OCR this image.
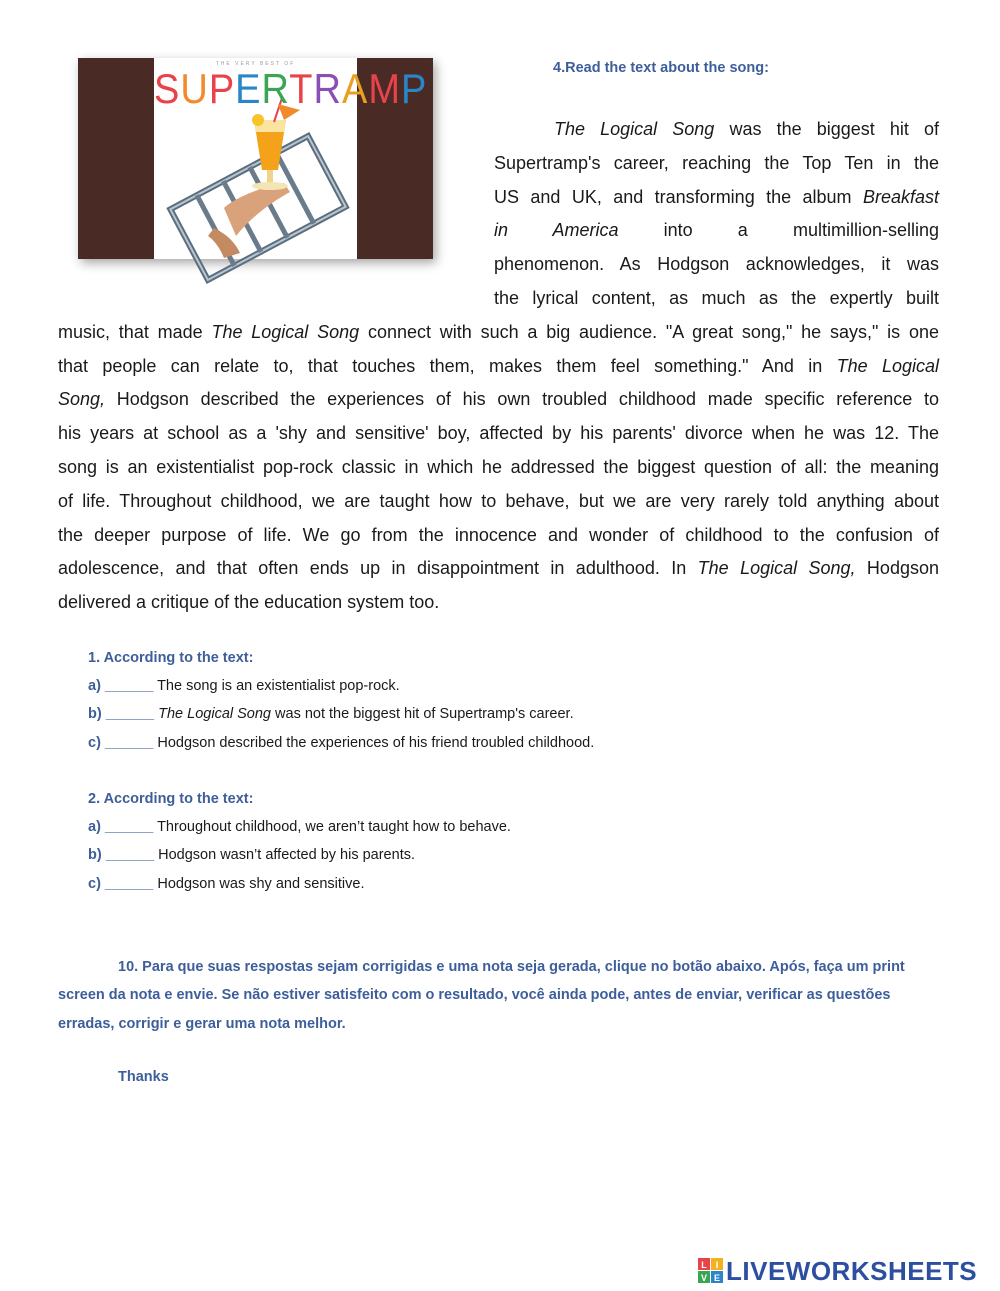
THE VERY BEST OF
SUPERTRAMP	4.Read the text about the song:

The Logical Song was the biggest hit of

Supertramp's career, reaching the Top Ten in the

US and UK, and transforming the album Breakfast

in America into a multimillion-selling

phenomenon. As Hodgson acknowledges, it was

the lyrical content, as much as the expertly built

music, that made The Logical Song connect with such a big audience. "A great song," he says," is one

that people can relate to, that touches them, makes them feel something." And in The Logical

Song, Hodgson described the experiences of his own troubled childhood made specific reference to

his years at school as a 'shy and sensitive' boy, affected by his parents' divorce when he was 12. The

song is an existentialist pop-rock classic in which he addressed the biggest question of all: the meaning

of life. Throughout childhood, we are taught how to behave, but we are very rarely told anything about

the deeper purpose of life. We go from the innocence and wonder of childhood to the confusion of

adolescence, and that often ends up in disappointment in adulthood. In The Logical Song, Hodgson

delivered a critique of the education system too.

1. According to the text:
a) ______ The song is an existentialist pop-rock.
b) ______ The Logical Song was not the biggest hit of Supertramp's career.
c) ______ Hodgson described the experiences of his friend troubled childhood.
2. According to the text:
a) ______ Throughout childhood, we aren’t taught how to behave.
b) ______ Hodgson wasn’t affected by his parents.
c) ______ Hodgson was shy and sensitive.

10. Para que suas respostas sejam corrigidas e uma nota seja gerada, clique no botão abaixo. Após, faça um print screen da nota e envie. Se não estiver satisfeito com o resultado, você ainda pode, antes de enviar, verificar as questões erradas, corrigir e gerar uma nota melhor.

Thanks
L I
V E LIVEWORKSHEETS
